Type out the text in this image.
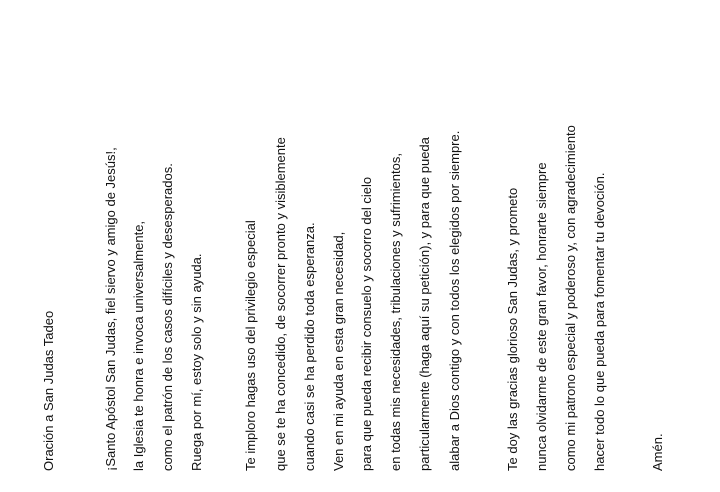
Oración a San Judas Tadeo	¡Santo Apóstol San Judas, fiel siervo y amigo de Jesús!, la Iglesia te honra e invoca universalmente, como el patrón de los casos difíciles y desesperados. Ruega por mí, estoy solo y sin ayuda.	Te imploro hagas uso del privilegio especial que se te ha concedido, de socorrer pronto y visiblemente cuando casi se ha perdido toda esperanza. Ven en mi ayuda en esta gran necesidad, para que pueda recibir consuelo y socorro del cielo en todas mis necesidades, tribulaciones y sufrimientos, particularmente (haga aquí su petición), y para que pueda alabar a Dios contigo y con todos los elegidos por siempre.	Te doy las gracias glorioso San Judas, y prometo nunca olvidarme de este gran favor, honrarte siempre como mi patrono especial y poderoso y, con agradecimiento hacer todo lo que pueda para fomentar tu devoción.	Amén.
